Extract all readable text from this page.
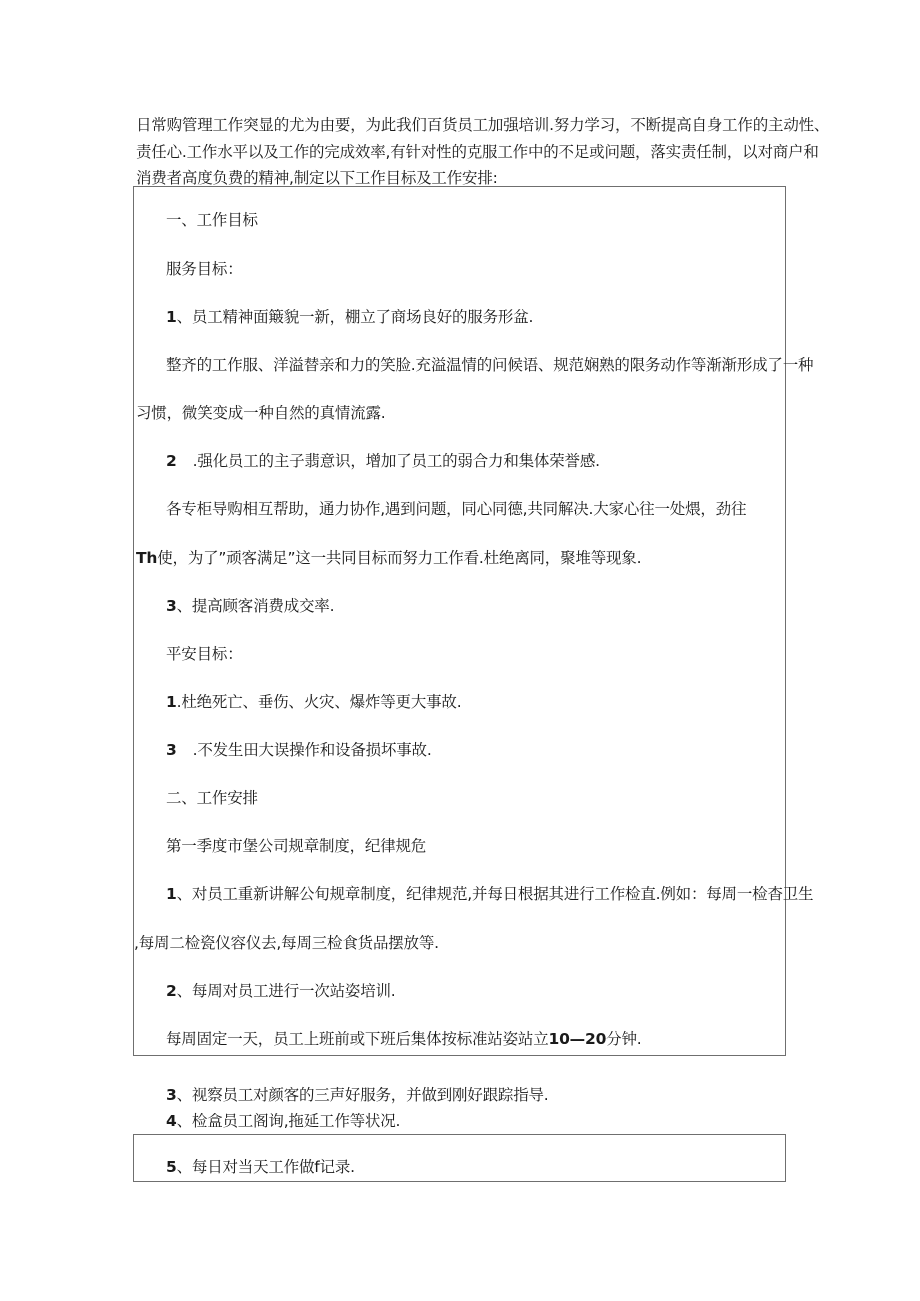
日常购管理工作突显的尤为由要，为此我们百货员工加强培训.努力学习，不断提高自身工作的主动性、

责任心.工作水平以及工作的完成效率,有针对性的克服工作中的不足或问题，落实责任制，以对商户和

消费者高度负费的精神,制定以下工作目标及工作安排:

一、工作目标
服务目标：
1、员工精神面簸貌一新，棚立了商场良好的服务形盆.
整齐的工作服、洋溢替亲和力的笑脸.充溢温情的问候语、规范娴熟的限务动作等渐渐形成了一种
习惯，微笑变成一种自然的真情流露.
2 .强化员工的主子翡意识，增加了员工的弱合力和集体荣誉感.
各专柜导购相互帮助，通力协作,遇到问题，同心同德,共同解决.大家心往一处煨，劲往
Th使，为了”顽客满足”这一共同目标而努力工作看.杜绝离同，聚堆等现象.
3、提高顾客消费成交率.
平安目标：
1.杜绝死亡、垂伤、火灾、爆炸等更大事故.
3 .不发生田大误操作和设备损坏事故.
二、工作安排
第一季度市堡公司规章制度，纪律规危
1、对员工重新讲解公旬规章制度，纪律规范,并每日根据其进行工作检直.例如：每周一检杳卫生
,每周二检瓷仪容仪去,每周三检食货品摆放等.
2、每周对员工进行一次站姿培训.
每周固定一天，员工上班前或下班后集体按标准站姿站立10—20分钟.
3、视察员工对颜客的三声好服务，并做到刚好跟踪指导.
4、检盒员工阁询,拖延工作等状况.
5、每日对当天工作做f记录.
